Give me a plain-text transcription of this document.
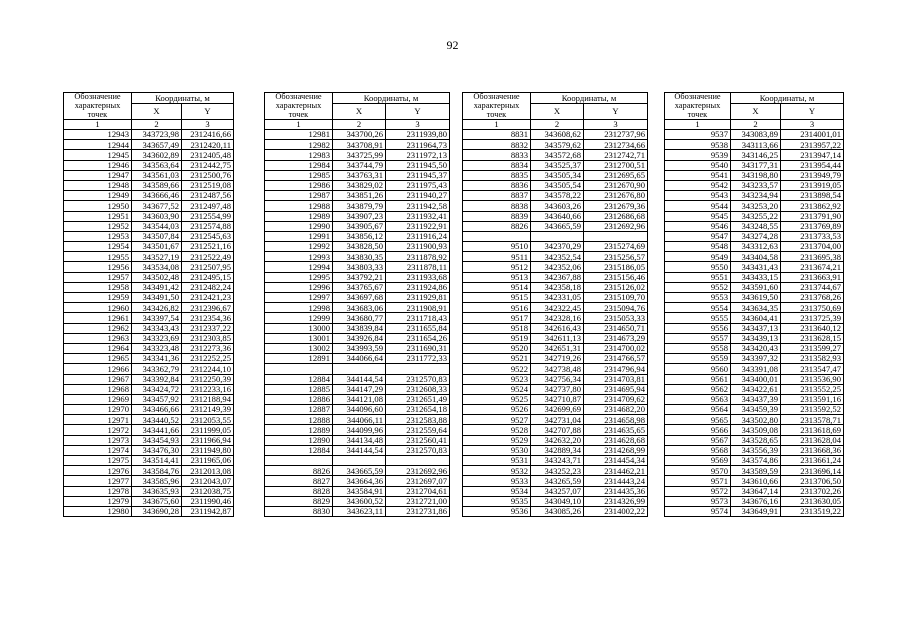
92
Обозначение характерных точек	Координаты, м	
	X	Y
1	2	3
12943	343723,98	2312416,66
12944	343657,49	2312420,11
12945	343602,89	2312405,48
12946	343563,64	2312442,75
12947	343561,03	2312500,76
12948	343589,66	2312519,08
12949	343666,46	2312487,56
12950	343677,52	2312497,48
12951	343603,90	2312554,99
12952	343544,03	2312574,88
12953	343507,84	2312545,63
12954	343501,67	2312521,16
12955	343527,19	2312522,49
12956	343534,08	2312507,95
12957	343502,48	2312495,15
12958	343491,42	2312482,24
12959	343491,50	2312421,23
12960	343426,82	2312396,67
12961	343397,54	2312354,36
12962	343343,43	2312337,22
12963	343323,69	2312303,85
12964	343323,48	2312273,36
12965	343341,36	2312252,25
12966	343362,79	2312244,10
12967	343392,84	2312250,39
12968	343424,72	2312233,16
12969	343457,92	2312188,94
12970	343466,66	2312149,39
12971	343440,52	2312053,55
12972	343441,66	2311999,05
12973	343454,93	2311966,94
12974	343476,30	2311949,80
12975	343514,41	2311965,06
12976	343584,76	2312013,08
12977	343585,96	2312043,07
12978	343635,93	2312038,75
12979	343675,60	2311990,46
12980	343690,28	2311942,87
Обозначение характерных точек	Координаты, м	
	X	Y
1	2	3
12981	343700,26	2311939,80
12982	343708,91	2311964,73
12983	343725,99	2311972,13
12984	343744,79	2311945,50
12985	343763,31	2311945,37
12986	343829,02	2311975,43
12987	343851,26	2311940,27
12988	343879,79	2311942,58
12989	343907,23	2311932,41
12990	343905,67	2311922,91
12991	343856,12	2311916,24
12992	343828,50	2311900,93
12993	343830,35	2311878,92
12994	343803,33	2311878,11
12995	343792,21	2311933,68
12996	343765,67	2311924,86
12997	343697,68	2311929,81
12998	343683,06	2311908,91
12999	343680,77	2311718,43
13000	343839,84	2311655,84
13001	343926,84	2311654,26
13002	343993,59	2311690,31
12891	344066,64	2311772,33

12884	344144,54	2312570,83
12885	344147,29	2312608,33
12886	344121,08	2312651,49
12887	344096,60	2312654,18
12888	344066,11	2312583,88
12889	344099,96	2312559,64
12890	344134,48	2312560,41
12884	344144,54	2312570,83

8826	343665,59	2312692,96
8827	343664,36	2312697,07
8828	343584,91	2312704,61
8829	343600,52	2312721,00
8830	343623,11	2312731,86
Обозначение характерных точек	Координаты, м	
	X	Y
1	2	3
8831	343608,62	2312737,96
8832	343579,62	2312734,66
8833	343572,68	2312742,71
8834	343525,37	2312700,51
8835	343505,34	2312695,65
8836	343505,54	2312670,90
8837	343578,22	2312676,80
8838	343603,26	2312679,36
8839	343640,66	2312686,68
8826	343665,59	2312692,96

9510	342370,29	2315274,69
9511	342352,54	2315256,57
9512	342352,06	2315186,05
9513	342367,88	2315156,46
9514	342358,18	2315126,02
9515	342331,05	2315109,70
9516	342322,45	2315094,76
9517	342328,16	2315053,33
9518	342616,43	2314650,71
9519	342611,13	2314673,29
9520	342651,31	2314700,02
9521	342719,26	2314766,57
9522	342738,48	2314796,94
9523	342756,34	2314703,81
9524	342737,80	2314695,94
9525	342710,87	2314709,62
9526	342699,69	2314682,20
9527	342731,04	2314658,98
9528	342707,88	2314635,65
9529	342632,20	2314628,68
9530	342889,34	2314268,99
9531	343243,71	2314454,34
9532	343252,23	2314462,21
9533	343265,59	2314443,24
9534	343257,07	2314435,36
9535	343049,10	2314326,99
9536	343085,26	2314002,22
Обозначение характерных точек	Координаты, м	
	X	Y
1	2	3
9537	343083,89	2314001,01
9538	343113,66	2313957,22
9539	343146,25	2313947,14
9540	343177,31	2313954,44
9541	343198,80	2313949,79
9542	343233,57	2313919,05
9543	343234,94	2313898,54
9544	343253,20	2313862,92
9545	343255,22	2313791,90
9546	343248,55	2313769,89
9547	343274,28	2313733,53
9548	343312,63	2313704,00
9549	343404,58	2313695,38
9550	343431,43	2313674,21
9551	343433,15	2313663,91
9552	343591,60	2313744,67
9553	343619,50	2313768,26
9554	343634,35	2313750,69
9555	343604,41	2313725,39
9556	343437,13	2313640,12
9557	343439,13	2313628,15
9558	343420,43	2313599,27
9559	343397,32	2313582,93
9560	343391,08	2313547,47
9561	343400,01	2313536,90
9562	343422,61	2313552,25
9563	343437,39	2313591,16
9564	343459,39	2313592,52
9565	343502,80	2313578,71
9566	343509,08	2313618,69
9567	343528,65	2313628,04
9568	343556,39	2313668,36
9569	343574,86	2313661,24
9570	343589,59	2313696,14
9571	343610,66	2313706,50
9572	343647,14	2313702,26
9573	343676,16	2313630,05
9574	343649,91	2313519,22
